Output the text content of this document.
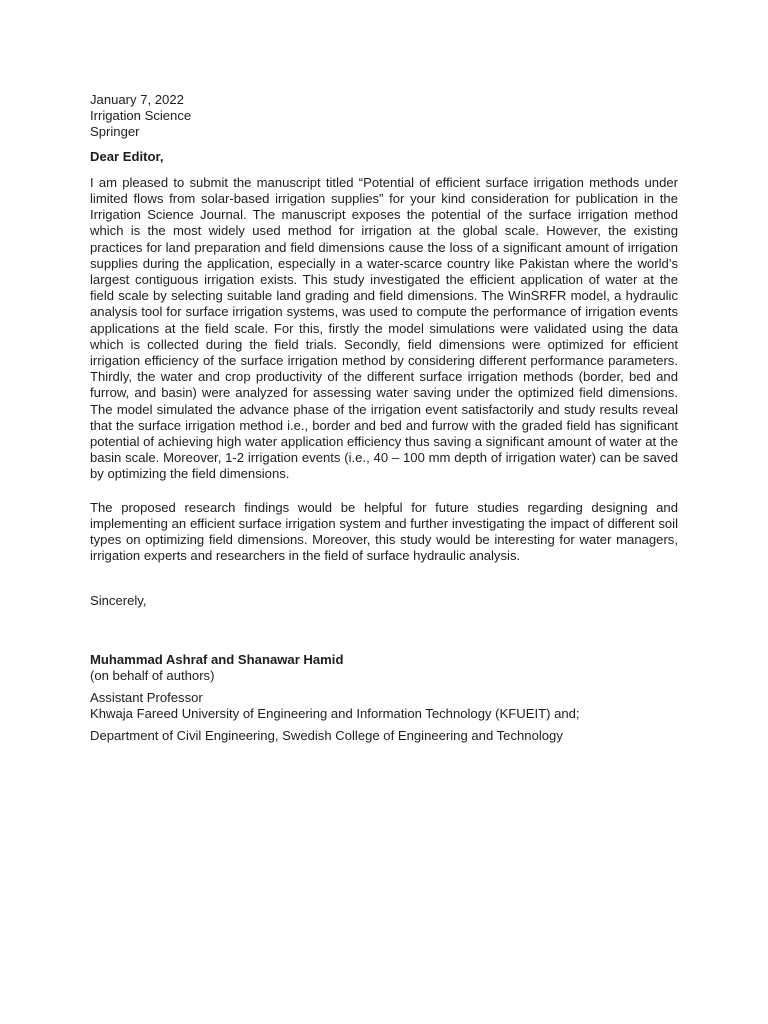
January 7, 2022
Irrigation Science
Springer
Dear Editor,

I am pleased to submit the manuscript titled “Potential of efficient surface irrigation methods under limited flows from solar-based irrigation supplies” for your kind consideration for publication in the Irrigation Science Journal. The manuscript exposes the potential of the surface irrigation method which is the most widely used method for irrigation at the global scale. However, the existing practices for land preparation and field dimensions cause the loss of a significant amount of irrigation supplies during the application, especially in a water-scarce country like Pakistan where the world’s largest contiguous irrigation exists. This study investigated the efficient application of water at the field scale by selecting suitable land grading and field dimensions. The WinSRFR model, a hydraulic analysis tool for surface irrigation systems, was used to compute the performance of irrigation events applications at the field scale. For this, firstly the model simulations were validated using the data which is collected during the field trials. Secondly, field dimensions were optimized for efficient irrigation efficiency of the surface irrigation method by considering different performance parameters. Thirdly, the water and crop productivity of the different surface irrigation methods (border, bed and furrow, and basin) were analyzed for assessing water saving under the optimized field dimensions. The model simulated the advance phase of the irrigation event satisfactorily and study results reveal that the surface irrigation method i.e., border and bed and furrow with the graded field has significant potential of achieving high water application efficiency thus saving a significant amount of water at the basin scale. Moreover, 1-2 irrigation events (i.e., 40 – 100 mm depth of irrigation water) can be saved by optimizing the field dimensions.

The proposed research findings would be helpful for future studies regarding designing and implementing an efficient surface irrigation system and further investigating the impact of different soil types on optimizing field dimensions. Moreover, this study would be interesting for water managers, irrigation experts and researchers in the field of surface hydraulic analysis.

Sincerely,
Muhammad Ashraf and Shanawar Hamid
(on behalf of authors)
Assistant Professor
Khwaja Fareed University of Engineering and Information Technology (KFUEIT) and;
Department of Civil Engineering, Swedish College of Engineering and Technology
